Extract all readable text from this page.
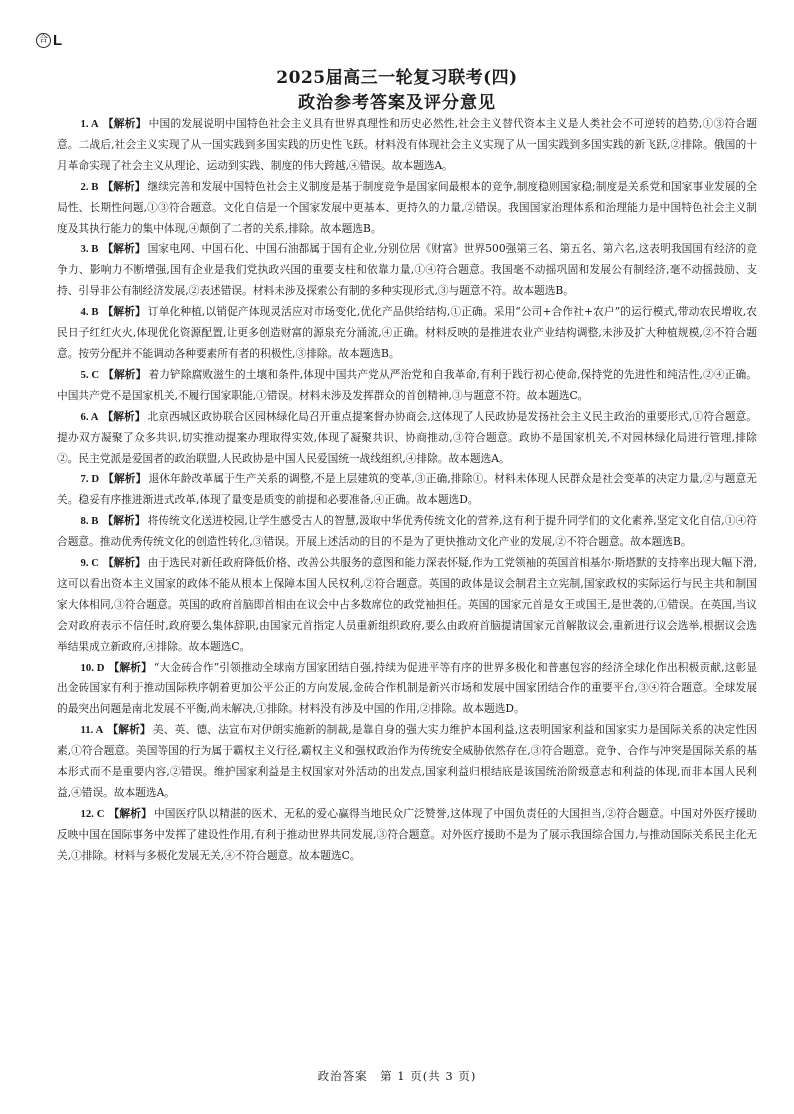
合 L
2025届高三一轮复习联考(四)
政治参考答案及评分意见

1. A 【解析】 中国的发展说明中国特色社会主义具有世界真理性和历史必然性,社会主义替代资本主义是人类社会不可逆转的趋势,①③符合题意。二战后,社会主义实现了从一国实践到多国实践的历史性飞跃。材料没有体现社会主义实现了从一国实践到多国实践的新飞跃,②排除。俄国的十月革命实现了社会主义从理论、运动到实践、制度的伟大跨越,④错误。故本题选A。

2. B 【解析】 继续完善和发展中国特色社会主义制度是基于制度竞争是国家间最根本的竞争,制度稳则国家稳;制度是关系党和国家事业发展的全局性、长期性问题,①③符合题意。文化自信是一个国家发展中更基本、更持久的力量,②错误。我国国家治理体系和治理能力是中国特色社会主义制度及其执行能力的集中体现,④颠倒了二者的关系,排除。故本题选B。

3. B 【解析】 国家电网、中国石化、中国石油都属于国有企业,分别位居《财富》世界500强第三名、第五名、第六名,这表明我国国有经济的竞争力、影响力不断增强,国有企业是我们党执政兴国的重要支柱和依靠力量,①④符合题意。我国毫不动摇巩固和发展公有制经济,毫不动摇鼓励、支持、引导非公有制经济发展,②表述错误。材料未涉及探索公有制的多种实现形式,③与题意不符。故本题选B。

4. B 【解析】 订单化种植,以销促产体现灵活应对市场变化,优化产品供给结构,①正确。采用“公司+合作社+农户”的运行模式,带动农民增收,农民日子红红火火,体现优化资源配置,让更多创造财富的源泉充分涌流,④正确。材料反映的是推进农业产业结构调整,未涉及扩大种植规模,②不符合题意。按劳分配并不能调动各种要素所有者的积极性,③排除。故本题选B。

5. C 【解析】 着力铲除腐败滋生的土壤和条件,体现中国共产党从严治党和自我革命,有利于践行初心使命,保持党的先进性和纯洁性,②④正确。中国共产党不是国家机关,不履行国家职能,①错误。材料未涉及发挥群众的首创精神,③与题意不符。故本题选C。

6. A 【解析】 北京西城区政协联合区园林绿化局召开重点提案督办协商会,这体现了人民政协是发扬社会主义民主政治的重要形式,①符合题意。提办双方凝聚了众多共识,切实推动提案办理取得实效,体现了凝聚共识、协商推动,③符合题意。政协不是国家机关,不对园林绿化局进行管理,排除②。民主党派是爱国者的政治联盟,人民政协是中国人民爱国统一战线组织,④排除。故本题选A。

7. D 【解析】 退休年龄改革属于生产关系的调整,不是上层建筑的变革,③正确,排除①。材料未体现人民群众是社会变革的决定力量,②与题意无关。稳妥有序推进渐进式改革,体现了量变是质变的前提和必要准备,④正确。故本题选D。

8. B 【解析】 将传统文化送进校园,让学生感受古人的智慧,汲取中华优秀传统文化的营养,这有利于提升同学们的文化素养,坚定文化自信,①④符合题意。推动优秀传统文化的创造性转化,③错误。开展上述活动的目的不是为了更快推动文化产业的发展,②不符合题意。故本题选B。

9. C 【解析】 由于选民对新任政府降低价格、改善公共服务的意图和能力深表怀疑,作为工党领袖的英国首相基尔·斯塔默的支持率出现大幅下滑,这可以看出资本主义国家的政体不能从根本上保障本国人民权利,②符合题意。英国的政体是议会制君主立宪制,国家政权的实际运行与民主共和制国家大体相同,③符合题意。英国的政府首脑即首相由在议会中占多数席位的政党袖担任。英国的国家元首是女王或国王,是世袭的,①错误。在英国,当议会对政府表示不信任时,政府要么集体辞职,由国家元首指定人员重新组织政府,要么由政府首脑提请国家元首解散议会,重新进行议会选举,根据议会选举结果成立新政府,④排除。故本题选C。

10. D 【解析】 “大金砖合作”引领推动全球南方国家团结自强,持续为促进平等有序的世界多极化和普惠包容的经济全球化作出积极贡献,这彰显出金砖国家有利于推动国际秩序朝着更加公平公正的方向发展,金砖合作机制是新兴市场和发展中国家团结合作的重要平台,③④符合题意。全球发展的最突出问题是南北发展不平衡,尚未解决,①排除。材料没有涉及中国的作用,②排除。故本题选D。

11. A 【解析】 美、英、德、法宣布对伊朗实施新的制裁,是靠自身的强大实力维护本国利益,这表明国家利益和国家实力是国际关系的决定性因素,①符合题意。美国等国的行为属于霸权主义行径,霸权主义和强权政治作为传统安全威胁依然存在,③符合题意。竞争、合作与冲突是国际关系的基本形式而不是重要内容,②错误。维护国家利益是主权国家对外活动的出发点,国家利益归根结底是该国统治阶级意志和利益的体现,而非本国人民利益,④错误。故本题选A。

12. C 【解析】 中国医疗队以精湛的医术、无私的爱心赢得当地民众广泛赞誉,这体现了中国负责任的大国担当,②符合题意。中国对外医疗援助反映中国在国际事务中发挥了建设性作用,有利于推动世界共同发展,③符合题意。对外医疗援助不是为了展示我国综合国力,与推动国际关系民主化无关,①排除。材料与多极化发展无关,④不符合题意。故本题选C。

政治答案　第 1 页(共 3 页)
